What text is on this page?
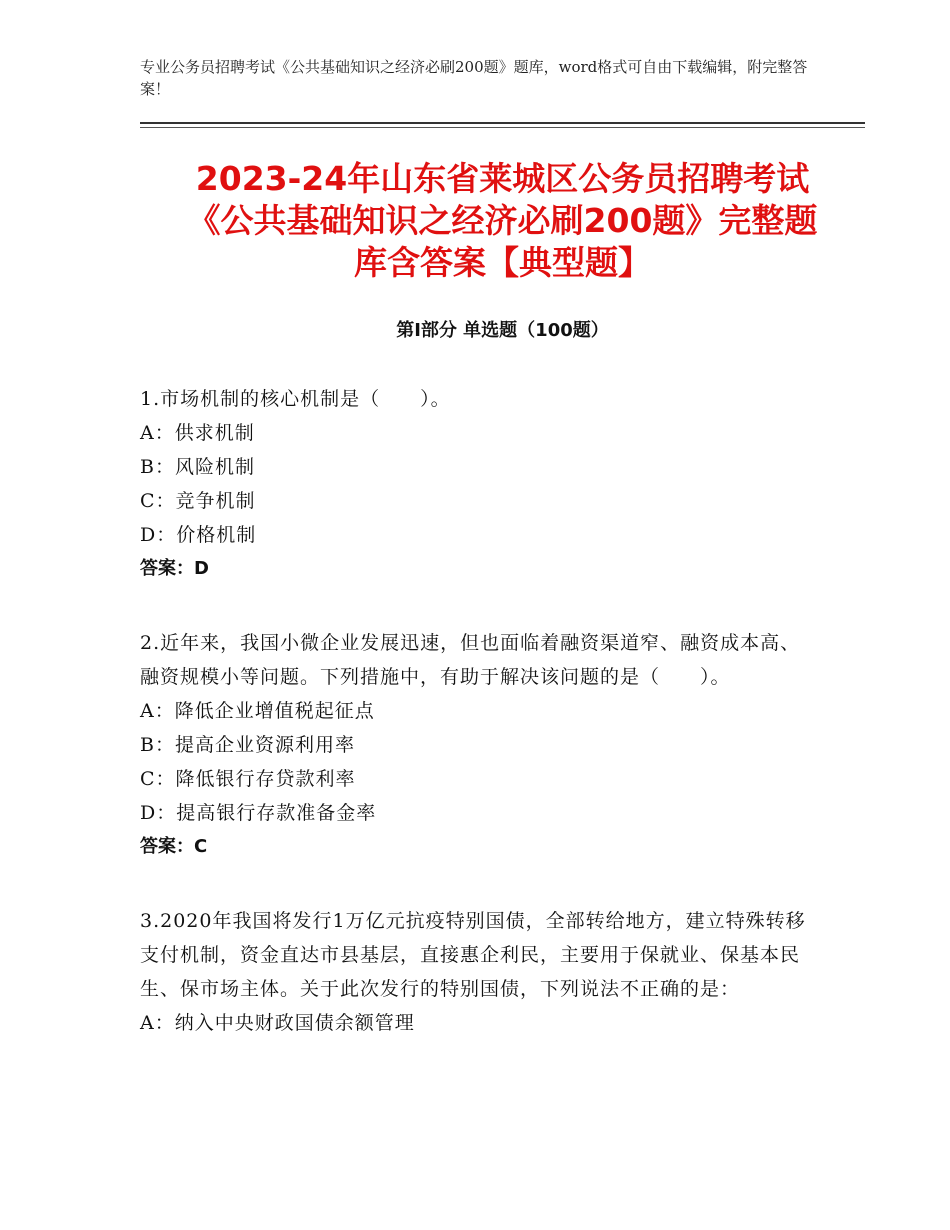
专业公务员招聘考试《公共基础知识之经济必刷200题》题库，word格式可自由下载编辑，附完整答案！
2023-24年山东省莱城区公务员招聘考试
《公共基础知识之经济必刷200题》完整题
库含答案【典型题】
第Ⅰ部分 单选题（100题）
1.市场机制的核心机制是（　　）。
A：供求机制
B：风险机制
C：竞争机制
D：价格机制
答案：D
2.近年来，我国小微企业发展迅速，但也面临着融资渠道窄、融资成本高、融资规模小等问题。下列措施中，有助于解决该问题的是（　　）。
A：降低企业增值税起征点
B：提高企业资源利用率
C：降低银行存贷款利率
D：提高银行存款准备金率
答案：C
3.2020年我国将发行1万亿元抗疫特别国债，全部转给地方，建立特殊转移支付机制，资金直达市县基层，直接惠企利民，主要用于保就业、保基本民生、保市场主体。关于此次发行的特别国债，下列说法不正确的是：
A：纳入中央财政国债余额管理
